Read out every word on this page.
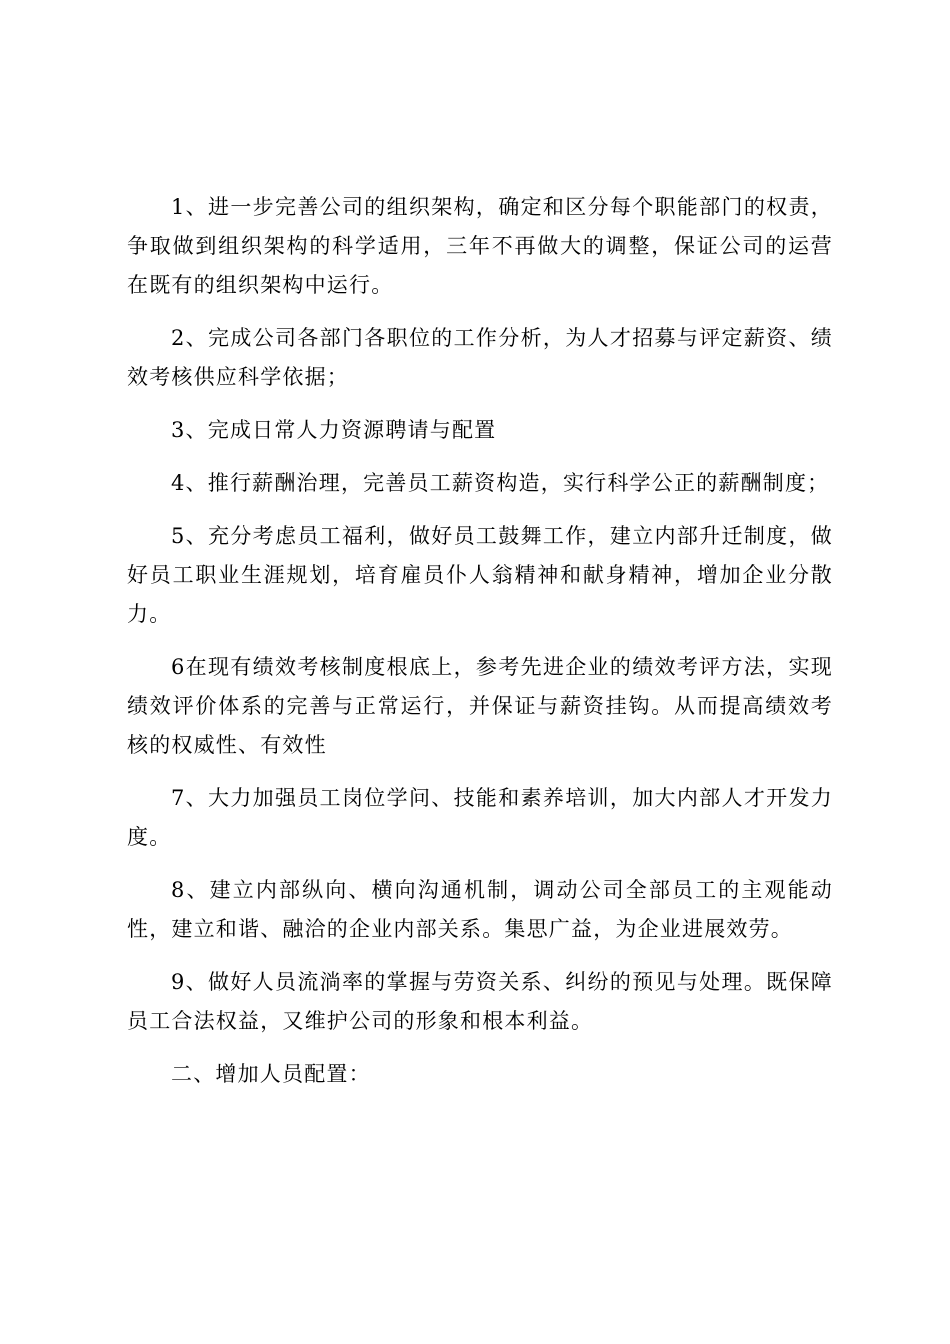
1、进一步完善公司的组织架构，确定和区分每个职能部门的权责，争取做到组织架构的科学适用，三年不再做大的调整，保证公司的运营在既有的组织架构中运行。

2、完成公司各部门各职位的工作分析，为人才招募与评定薪资、绩效考核供应科学依据；

3、完成日常人力资源聘请与配置

4、推行薪酬治理，完善员工薪资构造，实行科学公正的薪酬制度；

5、充分考虑员工福利，做好员工鼓舞工作，建立内部升迁制度，做好员工职业生涯规划，培育雇员仆人翁精神和献身精神，增加企业分散力。

6在现有绩效考核制度根底上，参考先进企业的绩效考评方法，实现绩效评价体系的完善与正常运行，并保证与薪资挂钩。从而提高绩效考核的权威性、有效性

7、大力加强员工岗位学问、技能和素养培训，加大内部人才开发力度。

8、建立内部纵向、横向沟通机制，调动公司全部员工的主观能动性，建立和谐、融洽的企业内部关系。集思广益，为企业进展效劳。

9、做好人员流淌率的掌握与劳资关系、纠纷的预见与处理。既保障员工合法权益，又维护公司的形象和根本利益。

二、增加人员配置：
